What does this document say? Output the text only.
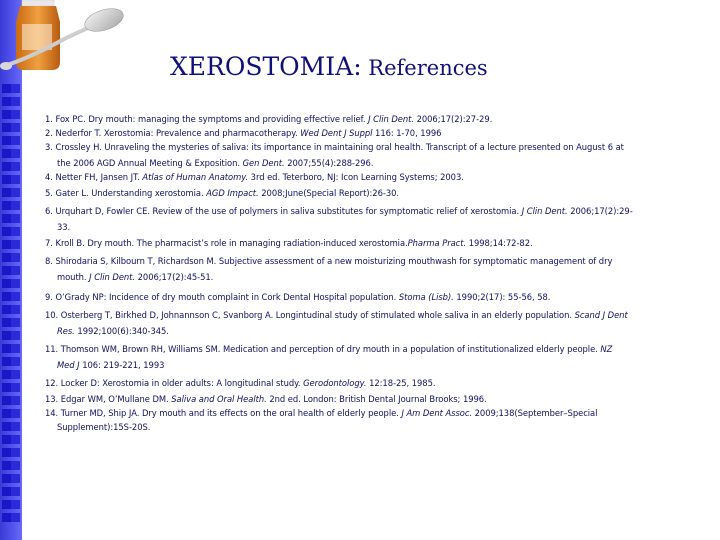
XEROSTOMIA: References
1. Fox PC. Dry mouth: managing the symptoms and providing effective relief. J Clin Dent. 2006;17(2):27-29.
2. Nederfor T. Xerostomia: Prevalence and pharmacotherapy. Wed Dent J Suppl 116: 1-70, 1996
3. Crossley H. Unraveling the mysteries of saliva: its importance in maintaining oral health. Transcript of a lecture presented on August 6 at
the 2006 AGD Annual Meeting & Exposition. Gen Dent. 2007;55(4):288-296.
4. Netter FH, Jansen JT. Atlas of Human Anatomy. 3rd ed. Teterboro, NJ: Icon Learning Systems; 2003.
5. Gater L. Understanding xerostomia. AGD Impact. 2008;June(Special Report):26-30.
6. Urquhart D, Fowler CE. Review of the use of polymers in saliva substitutes for symptomatic relief of xerostomia. J Clin Dent. 2006;17(2):29-
33.
7. Kroll B. Dry mouth. The pharmacist’s role in managing radiation-induced xerostomia.Pharma Pract. 1998;14:72-82.
8. Shirodaria S, Kilbourn T, Richardson M. Subjective assessment of a new moisturizing mouthwash for symptomatic management of dry
mouth. J Clin Dent. 2006;17(2):45-51.
9. O’Grady NP: Incidence of dry mouth complaint in Cork Dental Hospital population. Stoma (Lisb). 1990;2(17): 55-56, 58.
10. Osterberg T, Birkhed D, Johnannson C, Svanborg A. Longintudinal study of stimulated whole saliva in an elderly population. Scand J Dent
Res. 1992;100(6):340-345.
11. Thomson WM, Brown RH, Williams SM. Medication and perception of dry mouth in a population of institutionalized elderly people. NZ
Med J 106: 219-221, 1993
12. Locker D: Xerostomia in older adults: A longitudinal study. Gerodontology. 12:18-25, 1985.
13. Edgar WM, O’Mullane DM. Saliva and Oral Health. 2nd ed. London: British Dental Journal Brooks; 1996.
14. Turner MD, Ship JA. Dry mouth and its effects on the oral health of elderly people. J Am Dent Assoc. 2009;138(September–Special
Supplement):15S-20S.
